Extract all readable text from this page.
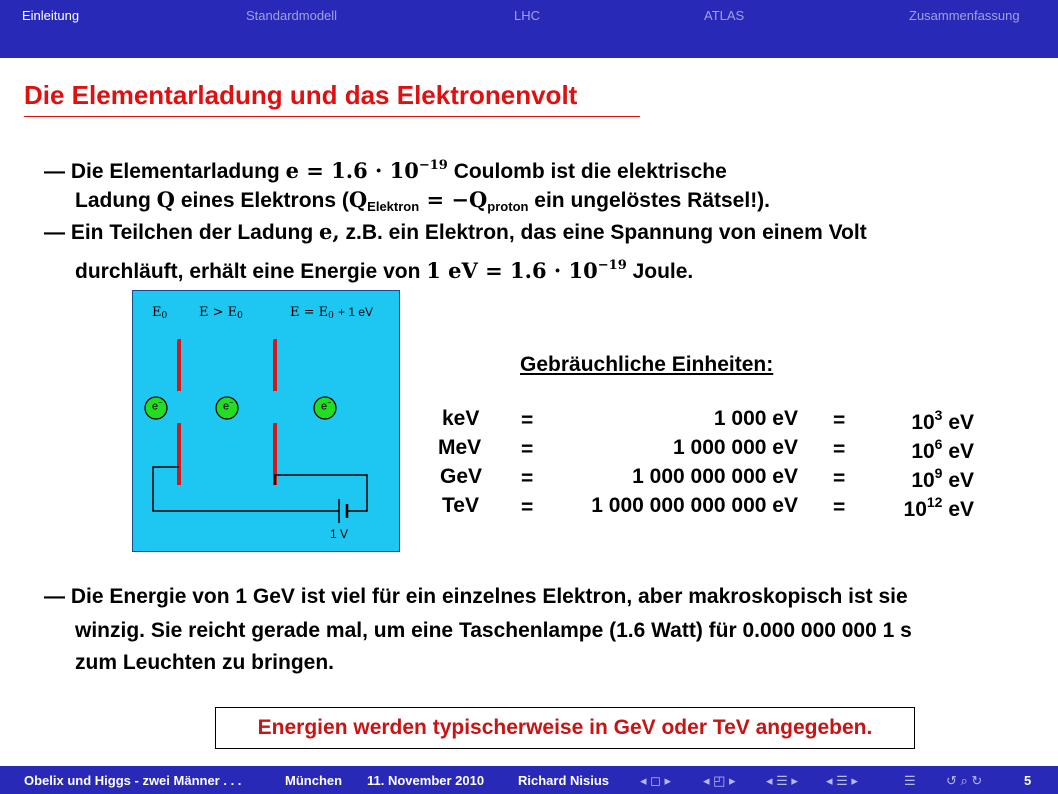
Einleitung	Standardmodell	LHC	ATLAS	Zusammenfassung
Die Elementarladung und das Elektronenvolt
— Die Elementarladung $e = 1.6 \cdot 10^{-19}$ Coulomb ist die elektrische
Ladung Q eines Elektrons ($Q_{Elektron} = -Q_{proton}$ ein ungelöstes Rätsel!).
— Ein Teilchen der Ladung e, z.B. ein Elektron, das eine Spannung von einem Volt
durchläuft, erhält eine Energie von 1 eV = $1.6 \cdot 10^{-19}$ Joule.
E0 E > E0	E = E0 + 1 eV
e−	e−	e−
1 V
Gebräuchliche Einheiten:
keV =	1 000 eV =	$10^3$ eV
MeV =	1 000 000 eV =	$10^6$ eV
GeV =	1 000 000 000 eV =	$10^9$ eV
TeV =	1 000 000 000 000 eV =	$10^{12}$ eV
— Die Energie von 1 GeV ist viel für ein einzelnes Elektron, aber makroskopisch ist sie
winzig. Sie reicht gerade mal, um eine Taschenlampe (1.6 Watt) für 0.000 000 000 1 s
zum Leuchten zu bringen.
Energien werden typischerweise in GeV oder TeV angegeben.
Obelix und Higgs - zwei Männer . . .	München 11. November 2010	Richard Nisius ◂ ◻ ▸ ◂ ◰ ▸ ◂ ☰ ▸ ◂ ☰ ▸	☰ ↺ ⌕ ↻	5
